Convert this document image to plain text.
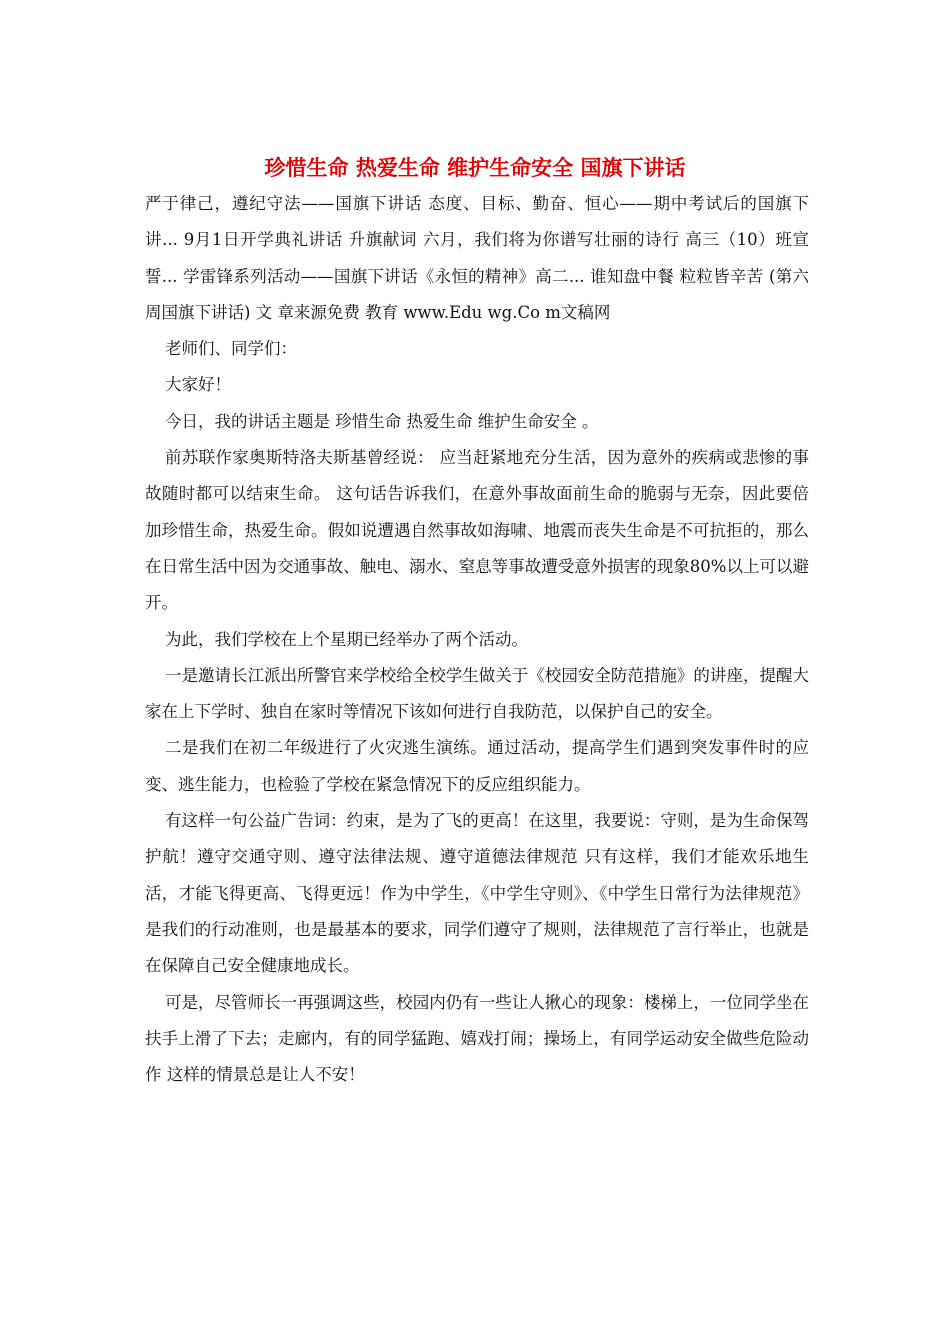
珍惜生命 热爱生命 维护生命安全 国旗下讲话

严于律己，遵纪守法——国旗下讲话 态度、目标、勤奋、恒心——期中考试后的国旗下讲... 9月1日开学典礼讲话 升旗献词 六月，我们将为你谱写壮丽的诗行 高三（10）班宣誓... 学雷锋系列活动——国旗下讲话《永恒的精神》高二... 谁知盘中餐 粒粒皆辛苦 (第六周国旗下讲话) 文 章来源免费 教育 www.Edu wg.Co m文稿网

老师们、同学们：

大家好！

今日，我的讲话主题是 珍惜生命 热爱生命 维护生命安全 。

前苏联作家奥斯特洛夫斯基曾经说： 应当赶紧地充分生活，因为意外的疾病或悲惨的事故随时都可以结束生命。 这句话告诉我们，在意外事故面前生命的脆弱与无奈，因此要倍加珍惜生命，热爱生命。假如说遭遇自然事故如海啸、地震而丧失生命是不可抗拒的，那么在日常生活中因为交通事故、触电、溺水、窒息等事故遭受意外损害的现象80%以上可以避开。

为此，我们学校在上个星期已经举办了两个活动。

一是邀请长江派出所警官来学校给全校学生做关于《校园安全防范措施》的讲座，提醒大家在上下学时、独自在家时等情况下该如何进行自我防范，以保护自己的安全。

二是我们在初二年级进行了火灾逃生演练。通过活动，提高学生们遇到突发事件时的应变、逃生能力，也检验了学校在紧急情况下的反应组织能力。

有这样一句公益广告词：约束，是为了飞的更高！在这里，我要说：守则，是为生命保驾护航！遵守交通守则、遵守法律法规、遵守道德法律规范 只有这样，我们才能欢乐地生活，才能飞得更高、飞得更远！作为中学生，《中学生守则》、《中学生日常行为法律规范》是我们的行动准则，也是最基本的要求，同学们遵守了规则，法律规范了言行举止，也就是在保障自己安全健康地成长。

可是，尽管师长一再强调这些，校园内仍有一些让人揪心的现象：楼梯上，一位同学坐在扶手上滑了下去；走廊内，有的同学猛跑、嬉戏打闹；操场上，有同学运动安全做些危险动作 这样的情景总是让人不安！
